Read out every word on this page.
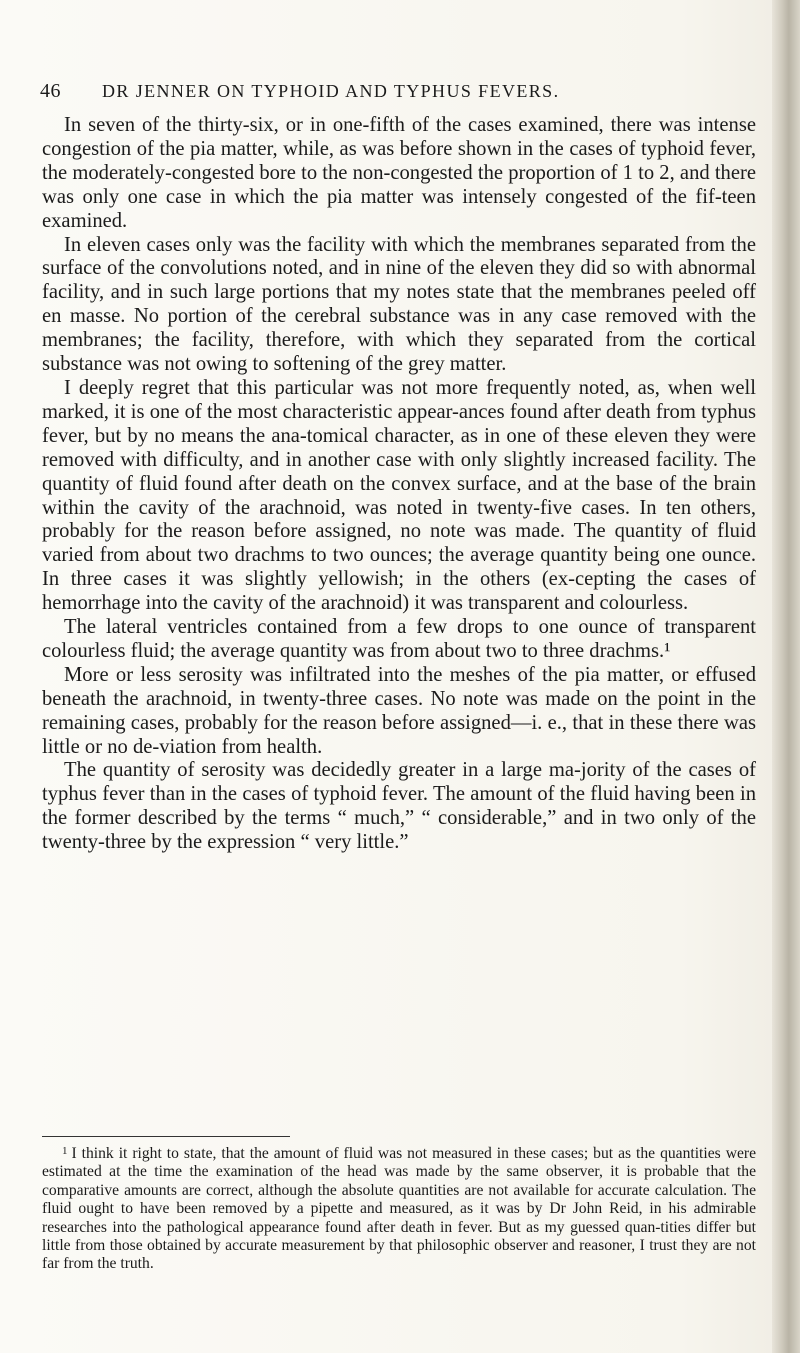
46 DR JENNER ON TYPHOID AND TYPHUS FEVERS.

In seven of the thirty-six, or in one-fifth of the cases examined, there was intense congestion of the pia matter, while, as was before shown in the cases of typhoid fever, the moderately-congested bore to the non-congested the proportion of 1 to 2, and there was only one case in which the pia matter was intensely congested of the fif-teen examined.

In eleven cases only was the facility with which the membranes separated from the surface of the convolutions noted, and in nine of the eleven they did so with abnormal facility, and in such large portions that my notes state that the membranes peeled off en masse. No portion of the cerebral substance was in any case removed with the membranes; the facility, therefore, with which they separated from the cortical substance was not owing to softening of the grey matter.

I deeply regret that this particular was not more frequently noted, as, when well marked, it is one of the most characteristic appear-ances found after death from typhus fever, but by no means the ana-tomical character, as in one of these eleven they were removed with difficulty, and in another case with only slightly increased facility. The quantity of fluid found after death on the convex surface, and at the base of the brain within the cavity of the arachnoid, was noted in twenty-five cases. In ten others, probably for the reason before assigned, no note was made. The quantity of fluid varied from about two drachms to two ounces; the average quantity being one ounce. In three cases it was slightly yellowish; in the others (ex-cepting the cases of hemorrhage into the cavity of the arachnoid) it was transparent and colourless.

The lateral ventricles contained from a few drops to one ounce of transparent colourless fluid; the average quantity was from about two to three drachms.¹

More or less serosity was infiltrated into the meshes of the pia matter, or effused beneath the arachnoid, in twenty-three cases. No note was made on the point in the remaining cases, probably for the reason before assigned—i. e., that in these there was little or no de-viation from health.

The quantity of serosity was decidedly greater in a large ma-jority of the cases of typhus fever than in the cases of typhoid fever. The amount of the fluid having been in the former described by the terms “ much,” “ considerable,” and in two only of the twenty-three by the expression “ very little.”

$^1$ I think it right to state, that the amount of fluid was not measured in these cases; but as the quantities were estimated at the time the examination of the head was made by the same observer, it is probable that the comparative amounts are correct, although the absolute quantities are not available for accurate calculation. The fluid ought to have been removed by a pipette and measured, as it was by Dr John Reid, in his admirable researches into the pathological appearance found after death in fever. But as my guessed quan-tities differ but little from those obtained by accurate measurement by that philosophic observer and reasoner, I trust they are not far from the truth.
